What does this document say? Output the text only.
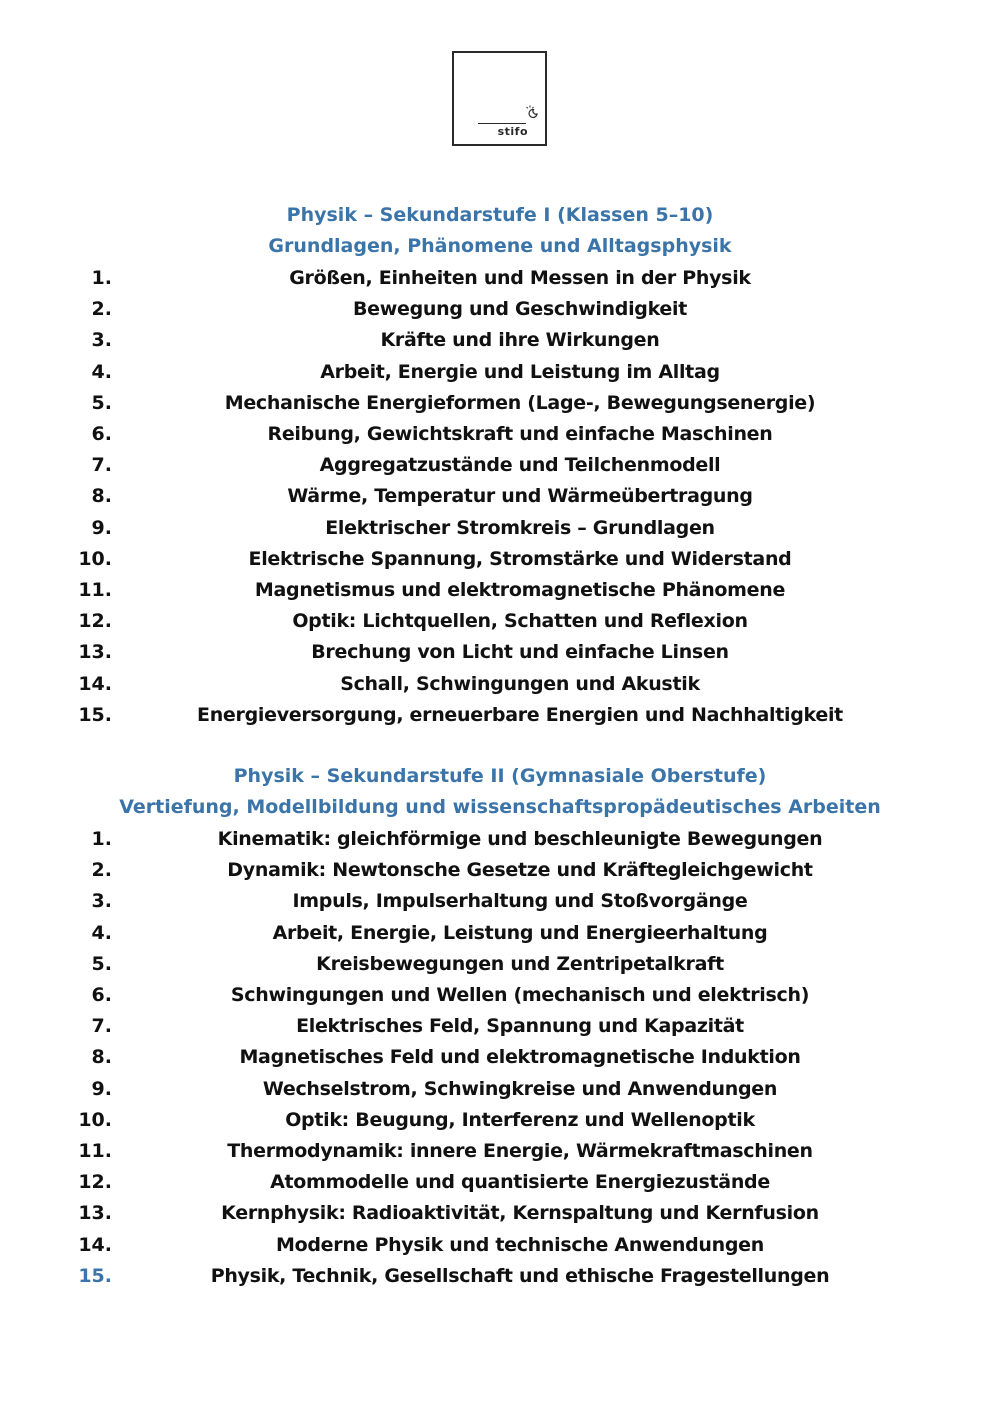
stifo
Physik – Sekundarstufe I (Klassen 5–10)
Grundlagen, Phänomene und Alltagsphysik
1.	Größen, Einheiten und Messen in der Physik
2.	Bewegung und Geschwindigkeit
3.	Kräfte und ihre Wirkungen
4.	Arbeit, Energie und Leistung im Alltag
5.	Mechanische Energieformen (Lage-, Bewegungsenergie)
6.	Reibung, Gewichtskraft und einfache Maschinen
7.	Aggregatzustände und Teilchenmodell
8.	Wärme, Temperatur und Wärmeübertragung
9.	Elektrischer Stromkreis – Grundlagen
10.	Elektrische Spannung, Stromstärke und Widerstand
11.	Magnetismus und elektromagnetische Phänomene
12.	Optik: Lichtquellen, Schatten und Reflexion
13.	Brechung von Licht und einfache Linsen
14.	Schall, Schwingungen und Akustik
15.	Energieversorgung, erneuerbare Energien und Nachhaltigkeit
Physik – Sekundarstufe II (Gymnasiale Oberstufe)
Vertiefung, Modellbildung und wissenschaftspropädeutisches Arbeiten
1.	Kinematik: gleichförmige und beschleunigte Bewegungen
2.	Dynamik: Newtonsche Gesetze und Kräftegleichgewicht
3.	Impuls, Impulserhaltung und Stoßvorgänge
4.	Arbeit, Energie, Leistung und Energieerhaltung
5.	Kreisbewegungen und Zentripetalkraft
6.	Schwingungen und Wellen (mechanisch und elektrisch)
7.	Elektrisches Feld, Spannung und Kapazität
8.	Magnetisches Feld und elektromagnetische Induktion
9.	Wechselstrom, Schwingkreise und Anwendungen
10.	Optik: Beugung, Interferenz und Wellenoptik
11.	Thermodynamik: innere Energie, Wärmekraftmaschinen
12.	Atommodelle und quantisierte Energiezustände
13.	Kernphysik: Radioaktivität, Kernspaltung und Kernfusion
14.	Moderne Physik und technische Anwendungen
15.	Physik, Technik, Gesellschaft und ethische Fragestellungen
